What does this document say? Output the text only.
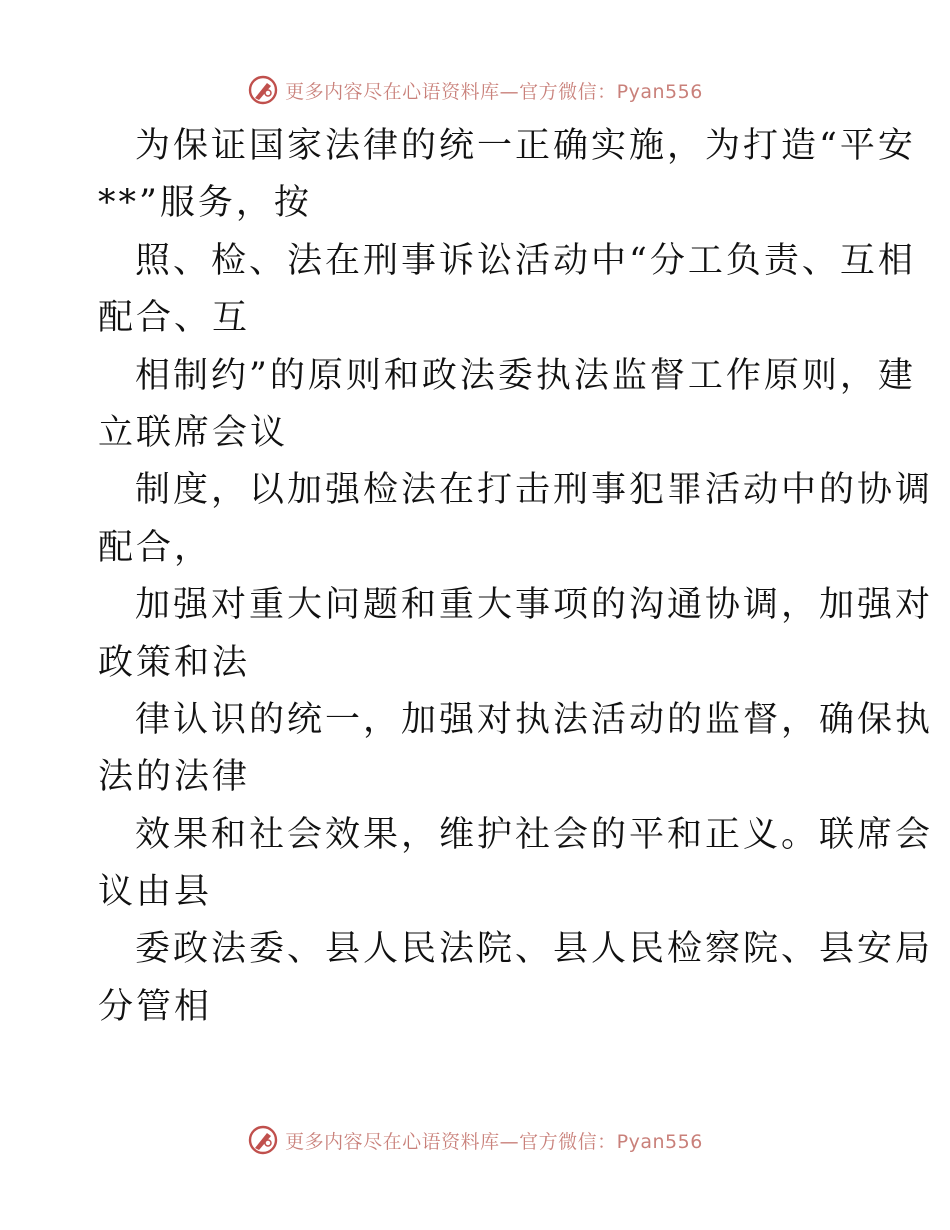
更多内容尽在心语资料库—官方微信：Pyan556
为保证国家法律的统一正确实施，为打造“平安
**”服务，按
照、检、法在刑事诉讼活动中“分工负责、互相
配合、互
相制约”的原则和政法委执法监督工作原则，建
立联席会议
制度，以加强检法在打击刑事犯罪活动中的协调
配合，
加强对重大问题和重大事项的沟通协调，加强对
政策和法
律认识的统一，加强对执法活动的监督，确保执
法的法律
效果和社会效果，维护社会的平和正义。联席会
议由县
委政法委、县人民法院、县人民检察院、县安局
分管相
更多内容尽在心语资料库—官方微信：Pyan556
